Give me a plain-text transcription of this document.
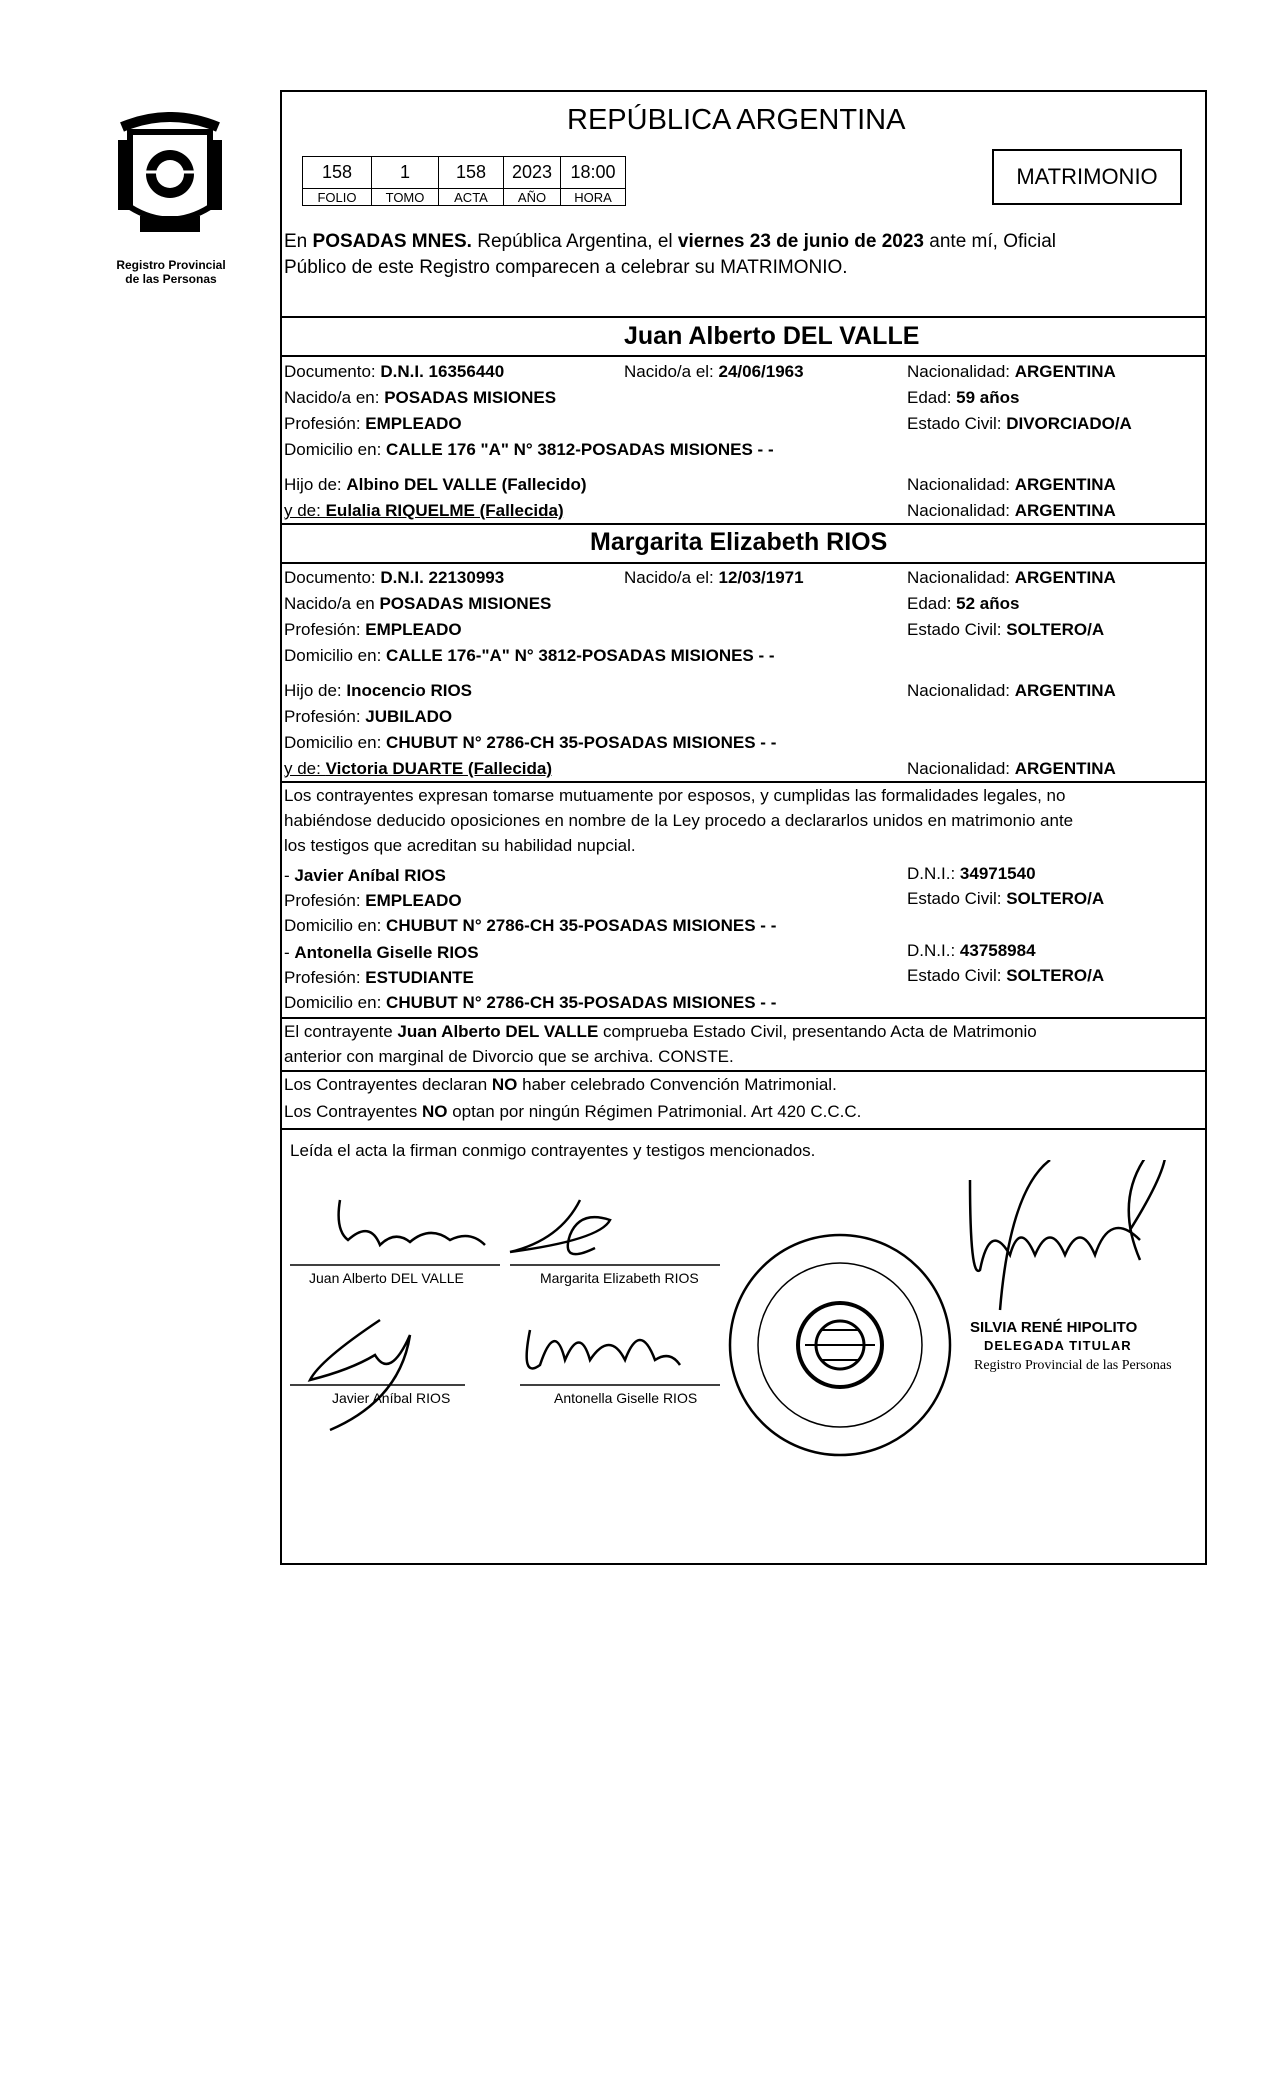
Registro Provincial
de las Personas
REPÚBLICA ARGENTINA
158	1	158	2023	18:00
FOLIO	TOMO	ACTA	AÑO	HORA
MATRIMONIO
En POSADAS MNES. República Argentina, el viernes 23 de junio de 2023 ante mí, Oficial
Público de este Registro comparecen a celebrar su MATRIMONIO.
Juan Alberto DEL VALLE
Documento: D.N.I. 16356440	Nacido/a el: 24/06/1963	Nacionalidad: ARGENTINA
Nacido/a en: POSADAS MISIONES	Edad: 59 años
Profesión: EMPLEADO	Estado Civil: DIVORCIADO/A
Domicilio en: CALLE 176 "A" N° 3812-POSADAS MISIONES - -
Hijo de: Albino DEL VALLE (Fallecido)	Nacionalidad: ARGENTINA
y de: Eulalia RIQUELME (Fallecida)	Nacionalidad: ARGENTINA
Margarita Elizabeth RIOS
Documento: D.N.I. 22130993	Nacido/a el: 12/03/1971	Nacionalidad: ARGENTINA
Nacido/a en POSADAS MISIONES	Edad: 52 años
Profesión: EMPLEADO	Estado Civil: SOLTERO/A
Domicilio en: CALLE 176-"A" N° 3812-POSADAS MISIONES - -
Hijo de: Inocencio RIOS	Nacionalidad: ARGENTINA
Profesión: JUBILADO
Domicilio en: CHUBUT N° 2786-CH 35-POSADAS MISIONES - -
y de: Victoria DUARTE (Fallecida)	Nacionalidad: ARGENTINA
Los contrayentes expresan tomarse mutuamente por esposos, y cumplidas las formalidades legales, no
habiéndose deducido oposiciones en nombre de la Ley procedo a declararlos unidos en matrimonio ante
los testigos que acreditan su habilidad nupcial.
- Javier Aníbal RIOS	D.N.I.: 34971540
Profesión: EMPLEADO	Estado Civil: SOLTERO/A
Domicilio en: CHUBUT N° 2786-CH 35-POSADAS MISIONES - -
- Antonella Giselle RIOS	D.N.I.: 43758984
Profesión: ESTUDIANTE	Estado Civil: SOLTERO/A
Domicilio en: CHUBUT N° 2786-CH 35-POSADAS MISIONES - -
El contrayente Juan Alberto DEL VALLE comprueba Estado Civil, presentando Acta de Matrimonio
anterior con marginal de Divorcio que se archiva. CONSTE.
Los Contrayentes declaran NO haber celebrado Convención Matrimonial.
Los Contrayentes NO optan por ningún Régimen Patrimonial. Art 420 C.C.C.
Leída el acta la firman conmigo contrayentes y testigos mencionados.
Juan Alberto DEL VALLE	Margarita Elizabeth RIOS
Javier Aníbal RIOS	Antonella Giselle RIOS
SILVIA RENÉ HIPOLITO
DELEGADA TITULAR
Registro Provincial de las Personas
